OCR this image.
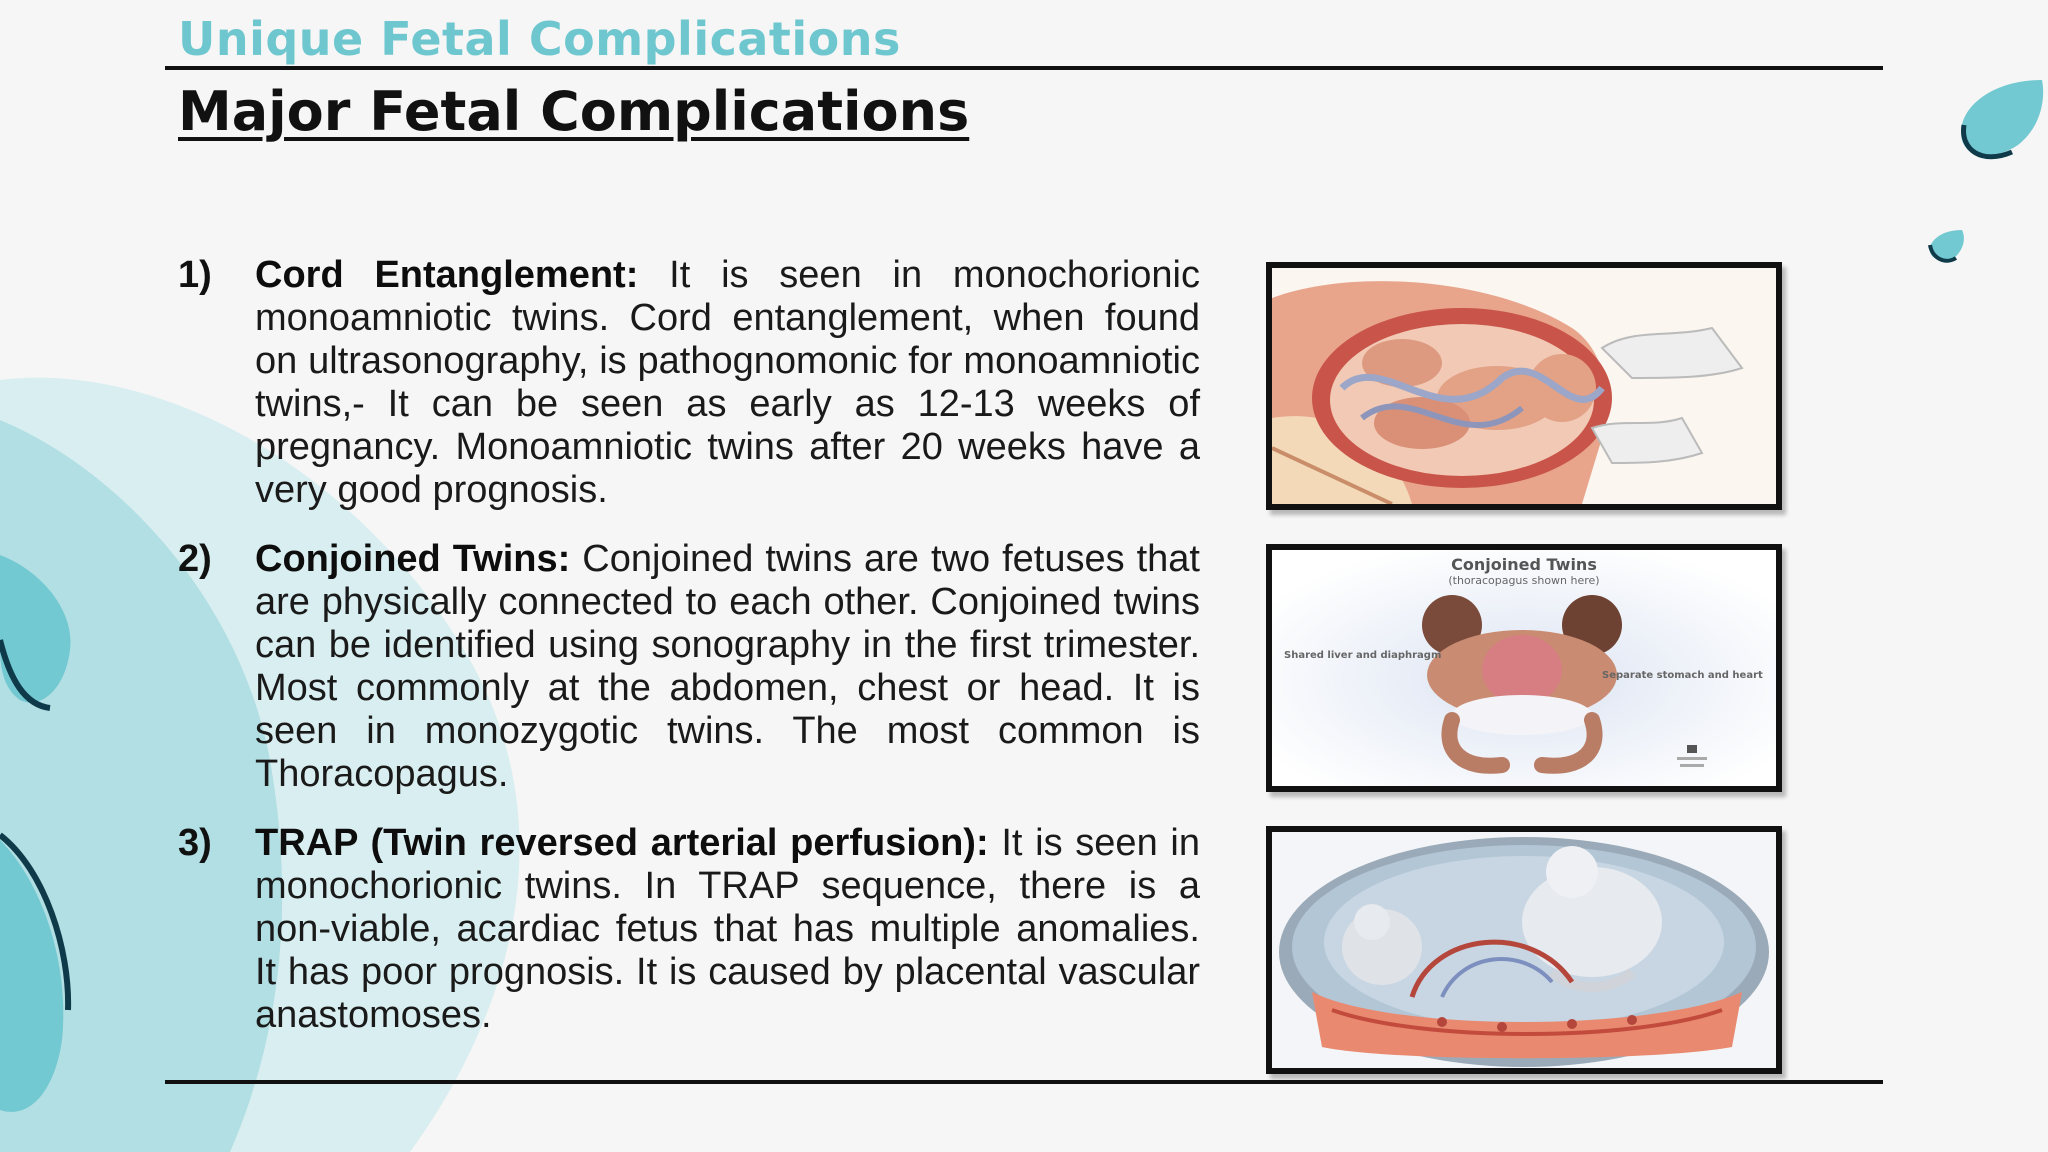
Unique Fetal Complications
Major Fetal Complications
1) Cord Entanglement: It is seen in monochorionic monoamniotic twins. Cord entanglement, when found on ultrasonography, is pathognomonic for monoamniotic twins,- It can be seen as early as 12-13 weeks of pregnancy. Monoamniotic twins after 20 weeks have a very good prognosis.

2) Conjoined Twins: Conjoined twins are two fetuses that are physically connected to each other. Conjoined twins can be identified using sonography in the first trimester. Most commonly at the abdomen, chest or head. It is seen in monozygotic twins. The most common is Thoracopagus.

3) TRAP (Twin reversed arterial perfusion): It is seen in monochorionic twins. In TRAP sequence, there is a non-viable, acardiac fetus that has multiple anomalies. It has poor prognosis. It is caused by placental vascular anastomoses.

Conjoined Twins
(thoracopagus shown here)
Shared liver and diaphragm
Separate stomach and heart
